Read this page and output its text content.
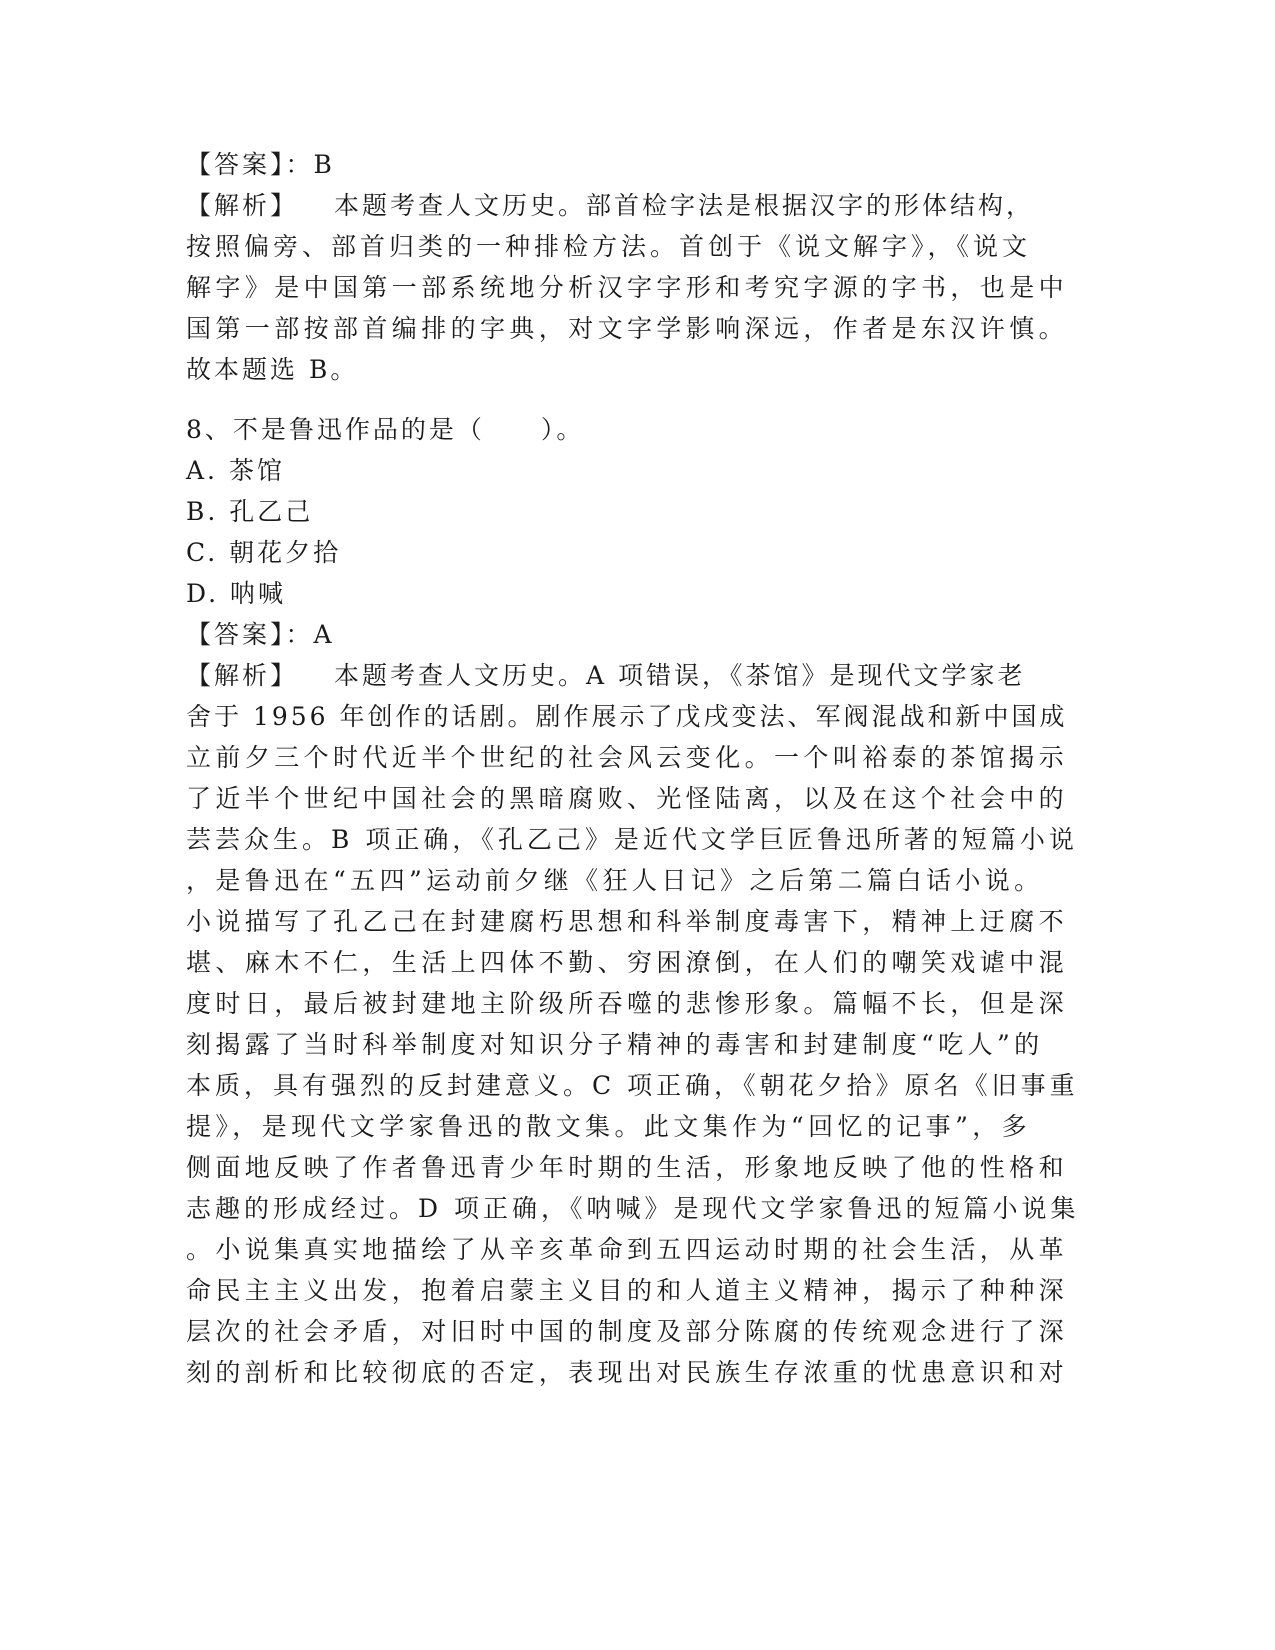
【答案】：B
【解析】 本题考查人文历史。部首检字法是根据汉字的形体结构，
按照偏旁、部首归类的一种排检方法。首创于《说文解字》，《说文
解字》是中国第一部系统地分析汉字字形和考究字源的字书，也是中
国第一部按部首编排的字典，对文字学影响深远，作者是东汉许慎。
故本题选 B。
8、不是鲁迅作品的是（　　）。
A. 茶馆
B. 孔乙己
C. 朝花夕拾
D. 呐喊
【答案】：A
【解析】 本题考查人文历史。A 项错误，《茶馆》是现代文学家老
舍于 1956 年创作的话剧。剧作展示了戊戌变法、军阀混战和新中国成
立前夕三个时代近半个世纪的社会风云变化。一个叫裕泰的茶馆揭示
了近半个世纪中国社会的黑暗腐败、光怪陆离，以及在这个社会中的
芸芸众生。B 项正确，《孔乙己》是近代文学巨匠鲁迅所著的短篇小说
，是鲁迅在“五四”运动前夕继《狂人日记》之后第二篇白话小说。
小说描写了孔乙己在封建腐朽思想和科举制度毒害下，精神上迂腐不
堪、麻木不仁，生活上四体不勤、穷困潦倒，在人们的嘲笑戏谑中混
度时日，最后被封建地主阶级所吞噬的悲惨形象。篇幅不长，但是深
刻揭露了当时科举制度对知识分子精神的毒害和封建制度“吃人”的
本质，具有强烈的反封建意义。C 项正确，《朝花夕拾》原名《旧事重
提》，是现代文学家鲁迅的散文集。此文集作为“回忆的记事”，多
侧面地反映了作者鲁迅青少年时期的生活，形象地反映了他的性格和
志趣的形成经过。D 项正确，《呐喊》是现代文学家鲁迅的短篇小说集
。小说集真实地描绘了从辛亥革命到五四运动时期的社会生活，从革
命民主主义出发，抱着启蒙主义目的和人道主义精神，揭示了种种深
层次的社会矛盾，对旧时中国的制度及部分陈腐的传统观念进行了深
刻的剖析和比较彻底的否定，表现出对民族生存浓重的忧患意识和对
